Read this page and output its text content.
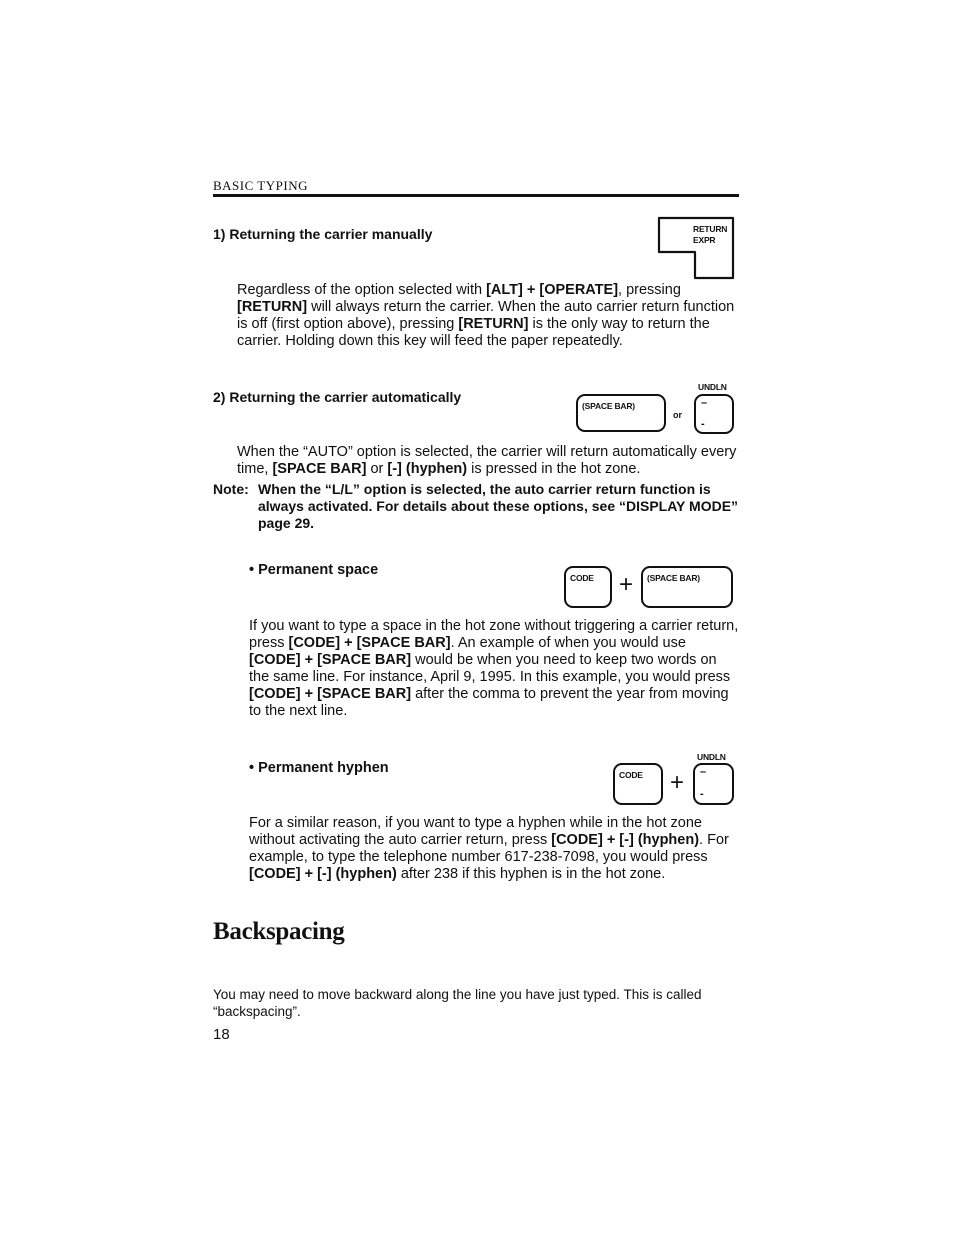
BASIC TYPING
1) Returning the carrier manually	RETURN
EXPR
Regardless of the option selected with [ALT] + [OPERATE], pressing [RETURN] will always return the carrier. When the auto carrier return function is off (first option above), pressing [RETURN] is the only way to return the carrier. Holding down this key will feed the paper repeatedly.
2) Returning the carrier automatically
(SPACE BAR)
or
UNDLN
–
-
When the “AUTO” option is selected, the carrier will return automatically every time, [SPACE BAR] or [-] (hyphen) is pressed in the hot zone.
Note: When the “L/L” option is selected, the auto carrier return function is always activated. For details about these options, see “DISPLAY MODE” page 29.
• Permanent space	CODE + (SPACE BAR)
If you want to type a space in the hot zone without triggering a carrier return, press [CODE] + [SPACE BAR]. An example of when you would use [CODE] + [SPACE BAR] would be when you need to keep two words on the same line. For instance, April 9, 1995. In this example, you would press [CODE] + [SPACE BAR] after the comma to prevent the year from moving to the next line.
• Permanent hyphen
UNDLN
CODE + –
-
For a similar reason, if you want to type a hyphen while in the hot zone without activating the auto carrier return, press [CODE] + [-] (hyphen). For example, to type the telephone number 617-238-7098, you would press [CODE] + [-] (hyphen) after 238 if this hyphen is in the hot zone.
Backspacing
You may need to move backward along the line you have just typed. This is called “backspacing”.
18
